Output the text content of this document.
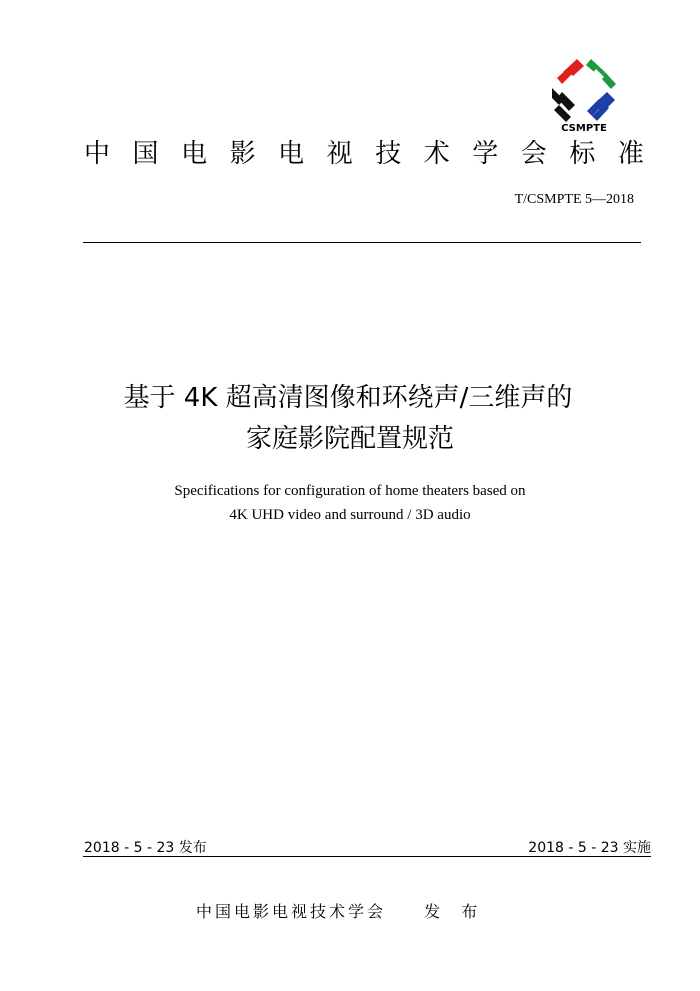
CSMPTE
中 国 电 影 电 视 技 术 学 会 标 准
T/CSMPTE 5—2018
基于 4K 超高清图像和环绕声/三维声的
家庭影院配置规范
Specifications for configuration of home theaters based on
4K UHD video and surround / 3D audio
2018 - 5 - 23 发布	2018 - 5 - 23 实施
中国电影电视技术学会 发 布
